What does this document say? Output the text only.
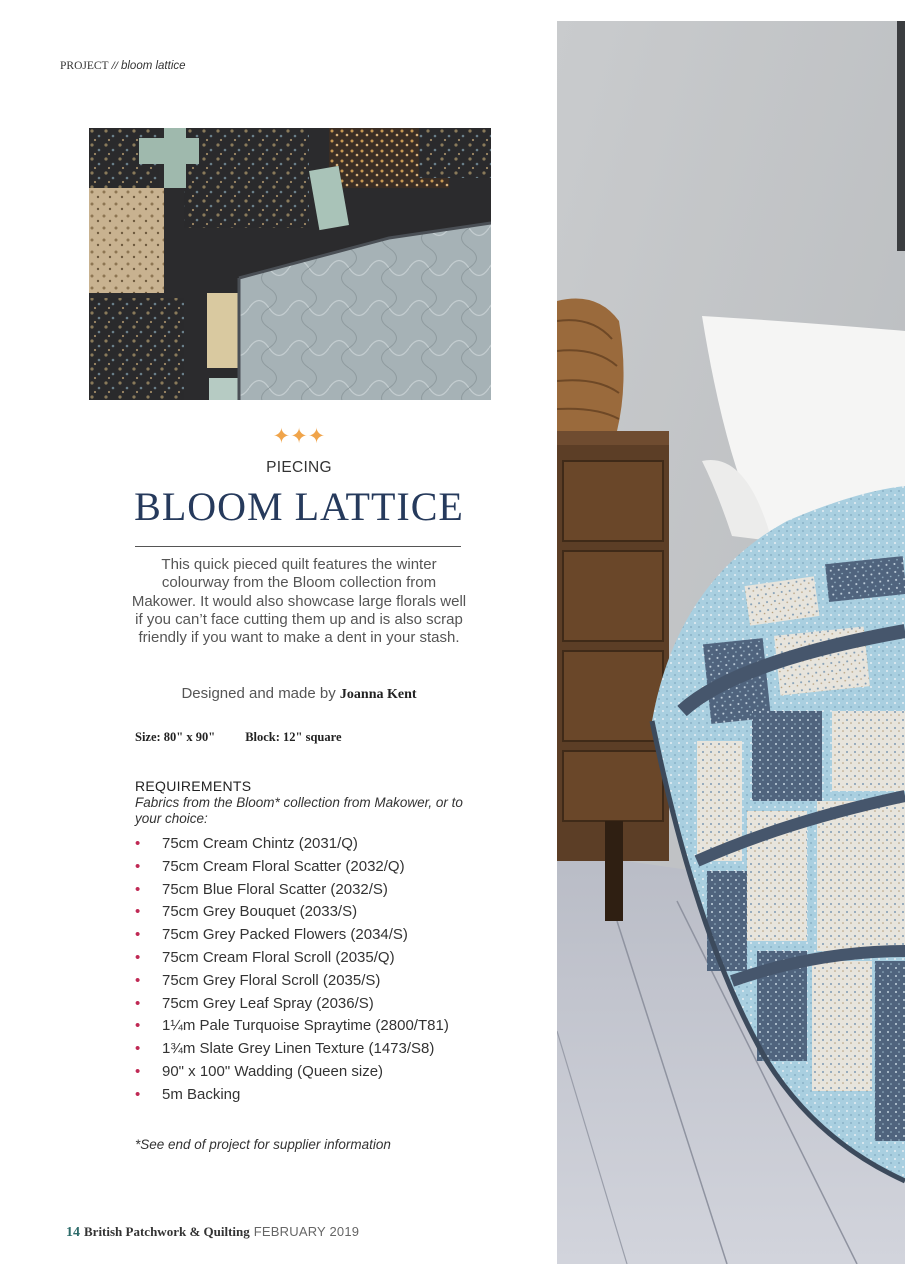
PROJECT // bloom lattice
✦✦✦
PIECING
BLOOM LATTICE
This quick pieced quilt features the winter colourway from the Bloom collection from Makower. It would also showcase large florals well if you can’t face cutting them up and is also scrap friendly if you want to make a dent in your stash.
Designed and made by Joanna Kent
Size: 80" x 90" Block: 12" square
REQUIREMENTS
Fabrics from the Bloom* collection from Makower, or to your choice:
• 75cm Cream Chintz (2031/Q)
• 75cm Cream Floral Scatter (2032/Q)
• 75cm Blue Floral Scatter (2032/S)
• 75cm Grey Bouquet (2033/S)
• 75cm Grey Packed Flowers (2034/S)
• 75cm Cream Floral Scroll (2035/Q)
• 75cm Grey Floral Scroll (2035/S)
• 75cm Grey Leaf Spray (2036/S)
• 1¼m Pale Turquoise Spraytime (2800/T81)
• 1¾m Slate Grey Linen Texture (1473/S8)
• 90" x 100" Wadding (Queen size)
• 5m Backing
*See end of project for supplier information
14 British Patchwork & Quilting FEBRUARY 2019
